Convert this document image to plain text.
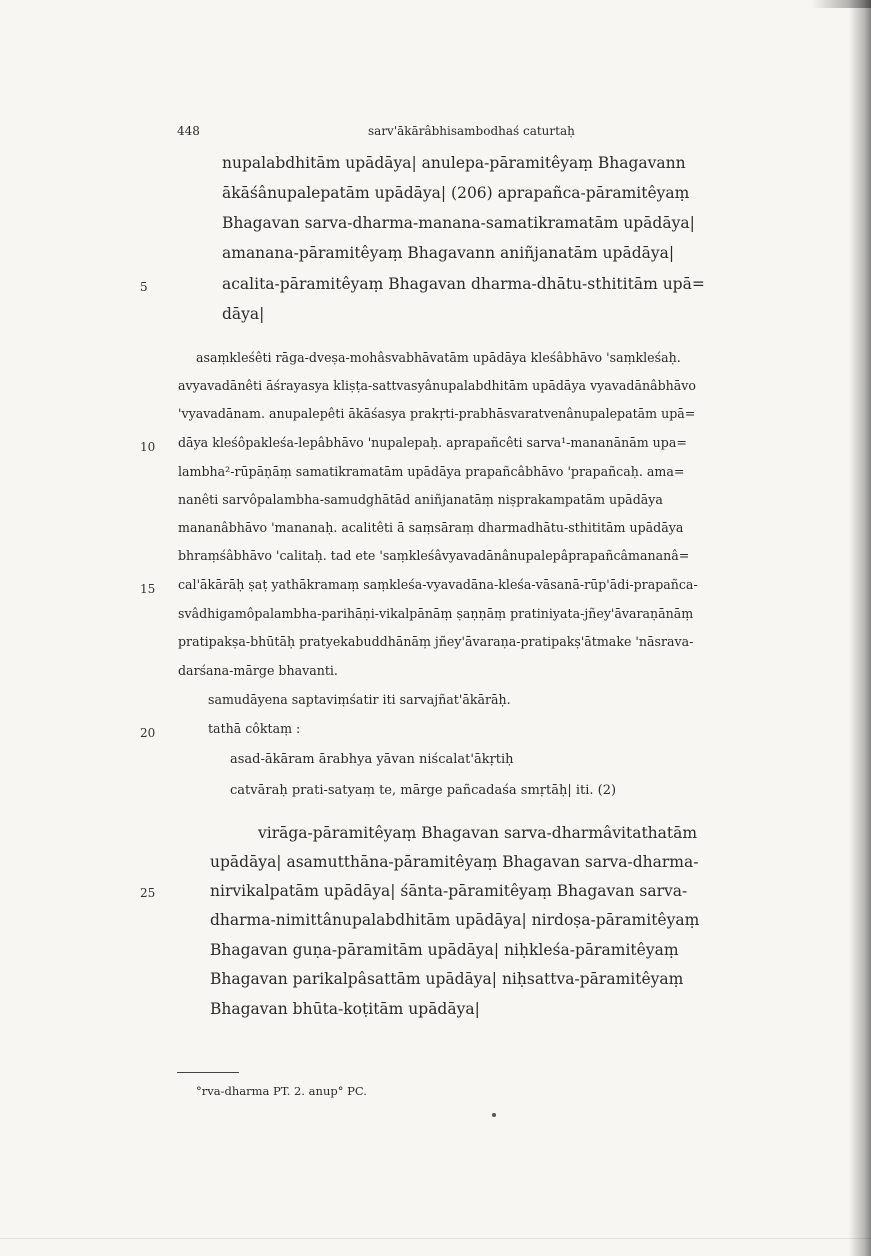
448	sarv'ākārâbhisambodhaś caturtaḥ
nupalabdhitām upādāya| anulepa-pāramitêyaṃ Bhagavann
ākāśânupalepatām upādāya| (206) aprapañca-pāramitêyaṃ
Bhagavan sarva-dharma-manana-samatikramatām upādāya|
amanana-pāramitêyaṃ Bhagavann aniñjanatām upādāya|
acalita-pāramitêyaṃ Bhagavan dharma-dhātu-sthititām upā=
dāya|
5
10
15
20
25
asaṃkleśêti rāga-dveṣa-mohâsvabhāvatām upādāya kleśâbhāvo 'saṃkleśaḥ.
avyavadānêti āśrayasya kliṣṭa-sattvasyânupalabdhitām upādāya vyavadānâbhāvo
'vyavadānam. anupalepêti ākāśasya prakṛti-prabhāsvaratvenânupalepatām upā=
dāya kleśôpakleśa-lepâbhāvo 'nupalepaḥ. aprapañcêti sarva¹-mananānām upa=
lambha²-rūpāṇāṃ samatikramatām upādāya prapañcâbhāvo 'prapañcaḥ. ama=
nanêti sarvôpalambha-samudghātād aniñjanatāṃ niṣprakampatām upādāya
mananâbhāvo 'mananaḥ. acalitêti ā saṃsāraṃ dharmadhātu-sthititām upādāya
bhraṃśâbhāvo 'calitaḥ. tad ete 'saṃkleśâvyavadānânupalepâprapañcâmananâ=
cal'ākārāḥ ṣaṭ yathākramaṃ saṃkleśa-vyavadāna-kleśa-vāsanā-rūp'ādi-prapañca-
svâdhigamôpalambha-parihāṇi-vikalpānāṃ ṣaṇṇāṃ pratiniyata-jñey'āvaraṇānāṃ
pratipakṣa-bhūtāḥ pratyekabuddhānāṃ jñey'āvaraṇa-pratipakṣ'ātmake 'nāsrava-
darśana-mārge bhavanti.
samudāyena saptaviṃśatir iti sarvajñat'ākārāḥ.
tathā côktaṃ :
asad-ākāram ārabhya yāvan niścalat'ākṛtiḥ
catvāraḥ prati-satyaṃ te, mārge pañcadaśa smṛtāḥ| iti. (2)
virāga-pāramitêyaṃ Bhagavan sarva-dharmâvitathatām
upādāya| asamutthāna-pāramitêyaṃ Bhagavan sarva-dharma-
nirvikalpatām upādāya| śānta-pāramitêyaṃ Bhagavan sarva-
dharma-nimittânupalabdhitām upādāya| nirdoṣa-pāramitêyaṃ
Bhagavan guṇa-pāramitām upādāya| niḥkleśa-pāramitêyaṃ
Bhagavan parikalpâsattām upādāya| niḥsattva-pāramitêyaṃ
Bhagavan bhūta-koṭitām upādāya|
°rva-dharma PT. 2. anup° PC.
